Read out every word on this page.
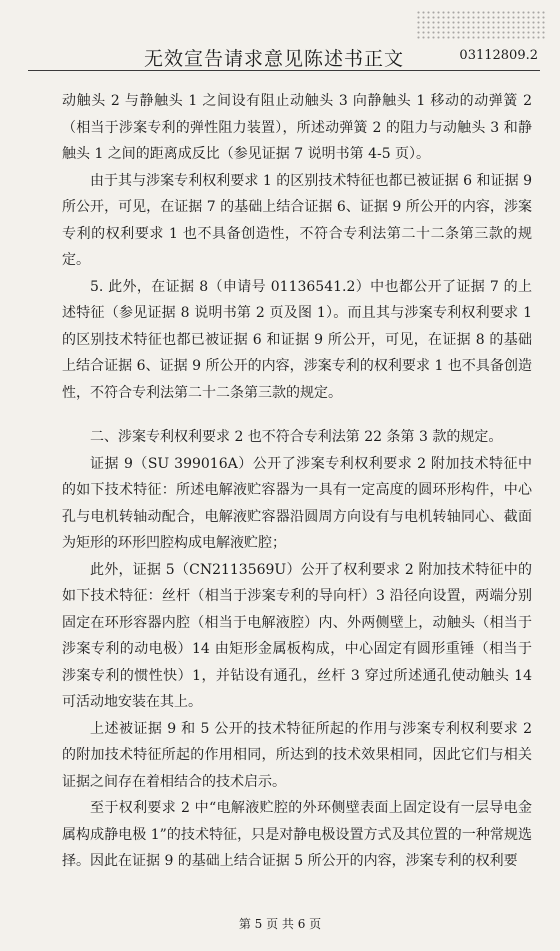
无效宣告请求意见陈述书正文	03112809.2

动触头 2 与静触头 1 之间设有阻止动触头 3 向静触头 1 移动的动弹簧 2（相当于涉案专利的弹性阻力装置），所述动弹簧 2 的阻力与动触头 3 和静触头 1 之间的距离成反比（参见证据 7 说明书第 4-5 页）。

由于其与涉案专利权利要求 1 的区别技术特征也都已被证据 6 和证据 9 所公开，可见，在证据 7 的基础上结合证据 6、证据 9 所公开的内容，涉案专利的权利要求 1 也不具备创造性，不符合专利法第二十二条第三款的规定。

5. 此外，在证据 8（申请号 01136541.2）中也都公开了证据 7 的上述特征（参见证据 8 说明书第 2 页及图 1）。而且其与涉案专利权利要求 1 的区别技术特征也都已被证据 6 和证据 9 所公开，可见，在证据 8 的基础上结合证据 6、证据 9 所公开的内容，涉案专利的权利要求 1 也不具备创造性，不符合专利法第二十二条第三款的规定。

二、涉案专利权利要求 2 也不符合专利法第 22 条第 3 款的规定。

证据 9（SU 399016A）公开了涉案专利权利要求 2 附加技术特征中的如下技术特征：所述电解液贮容器为一具有一定高度的圆环形构件，中心孔与电机转轴动配合，电解液贮容器沿圆周方向设有与电机转轴同心、截面为矩形的环形凹腔构成电解液贮腔；

此外，证据 5（CN2113569U）公开了权利要求 2 附加技术特征中的如下技术特征：丝杆（相当于涉案专利的导向杆）3 沿径向设置，两端分别固定在环形容器内腔（相当于电解液腔）内、外两侧壁上，动触头（相当于涉案专利的动电极）14 由矩形金属板构成，中心固定有圆形重锤（相当于涉案专利的惯性快）1，并钻设有通孔，丝杆 3 穿过所述通孔使动触头 14 可活动地安装在其上。

上述被证据 9 和 5 公开的技术特征所起的作用与涉案专利权利要求 2 的附加技术特征所起的作用相同，所达到的技术效果相同，因此它们与相关证据之间存在着相结合的技术启示。

至于权利要求 2 中“电解液贮腔的外环侧壁表面上固定设有一层导电金属构成静电极 1”的技术特征，只是对静电极设置方式及其位置的一种常规选择。因此在证据 9 的基础上结合证据 5 所公开的内容，涉案专利的权利要

第 5 页 共 6 页
